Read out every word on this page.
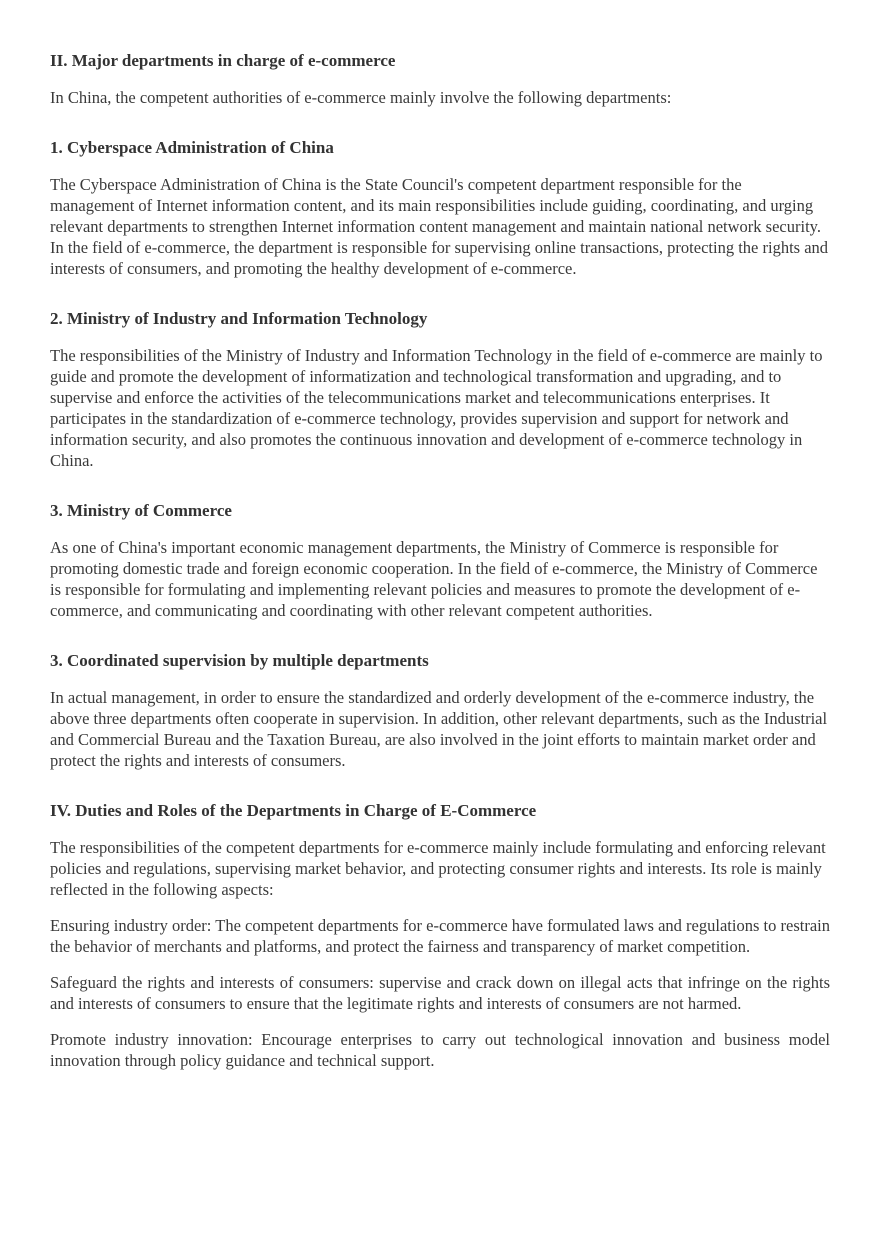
II. Major departments in charge of e-commerce

In China, the competent authorities of e-commerce mainly involve the following departments:

1. Cyberspace Administration of China

The Cyberspace Administration of China is the State Council's competent department responsible for the management of Internet information content, and its main responsibilities include guiding, coordinating, and urging relevant departments to strengthen Internet information content management and maintain national network security. In the field of e-commerce, the department is responsible for supervising online transactions, protecting the rights and interests of consumers, and promoting the healthy development of e-commerce.

2. Ministry of Industry and Information Technology

The responsibilities of the Ministry of Industry and Information Technology in the field of e-commerce are mainly to guide and promote the development of informatization and technological transformation and upgrading, and to supervise and enforce the activities of the telecommunications market and telecommunications enterprises. It participates in the standardization of e-commerce technology, provides supervision and support for network and information security, and also promotes the continuous innovation and development of e-commerce technology in China.

3. Ministry of Commerce

As one of China's important economic management departments, the Ministry of Commerce is responsible for promoting domestic trade and foreign economic cooperation. In the field of e-commerce, the Ministry of Commerce is responsible for formulating and implementing relevant policies and measures to promote the development of e-commerce, and communicating and coordinating with other relevant competent authorities.

3. Coordinated supervision by multiple departments

In actual management, in order to ensure the standardized and orderly development of the e-commerce industry, the above three departments often cooperate in supervision. In addition, other relevant departments, such as the Industrial and Commercial Bureau and the Taxation Bureau, are also involved in the joint efforts to maintain market order and protect the rights and interests of consumers.

IV. Duties and Roles of the Departments in Charge of E-Commerce

The responsibilities of the competent departments for e-commerce mainly include formulating and enforcing relevant policies and regulations, supervising market behavior, and protecting consumer rights and interests. Its role is mainly reflected in the following aspects:

Ensuring industry order: The competent departments for e-commerce have formulated laws and regulations to restrain the behavior of merchants and platforms, and protect the fairness and transparency of market competition.

Safeguard the rights and interests of consumers: supervise and crack down on illegal acts that infringe on the rights and interests of consumers to ensure that the legitimate rights and interests of consumers are not harmed.

Promote industry innovation: Encourage enterprises to carry out technological innovation and business model innovation through policy guidance and technical support.
